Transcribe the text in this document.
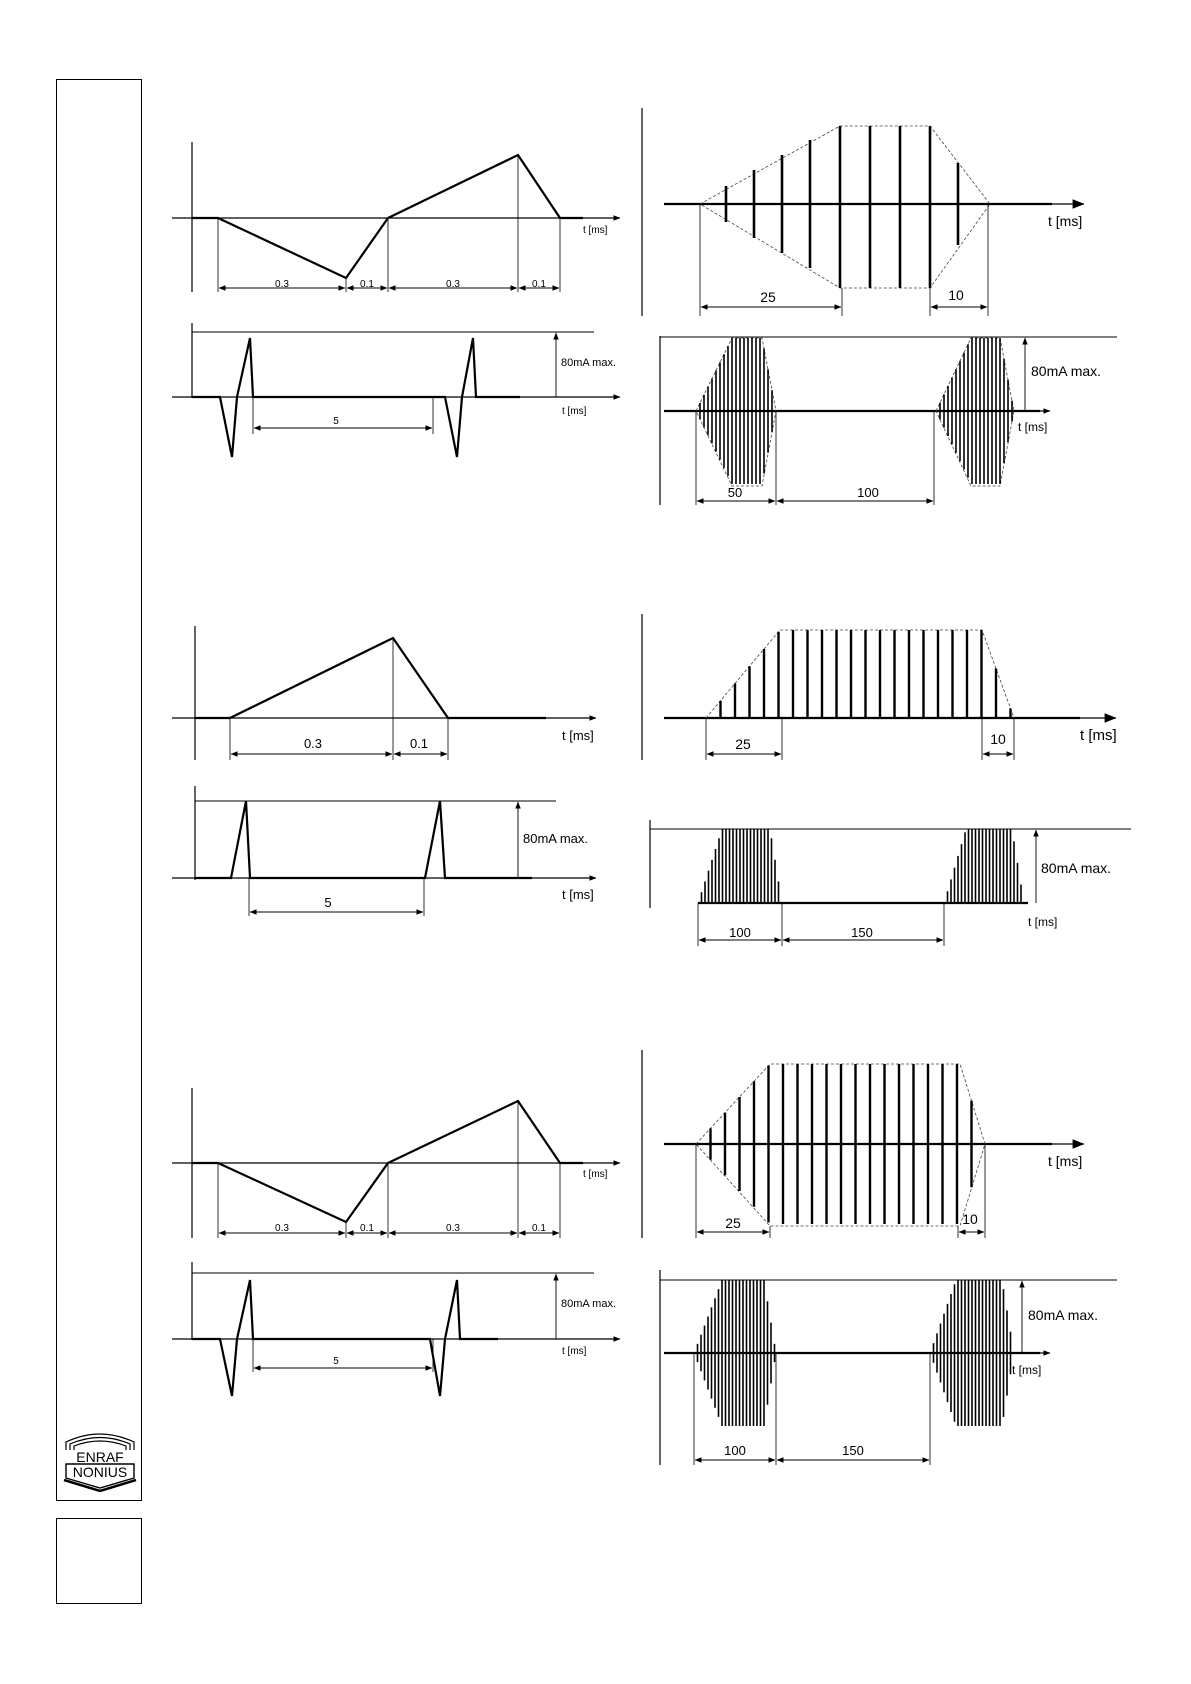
ENRAF
NONIUS
0.3	0.1	0.3	0.1
t [ms]
5
80mA max.
t [ms]
25	10
t [ms]
50	100
80mA max.
t [ms]
0.3	0.1
t [ms]
5
80mA max.
t [ms]
25	10	t [ms]
100	150
80mA max.
t [ms]
0.3	0.1	0.3	0.1
t [ms]
5
80mA max.
t [ms]
25	10
t [ms]
100	150
80mA max.
t [ms]
